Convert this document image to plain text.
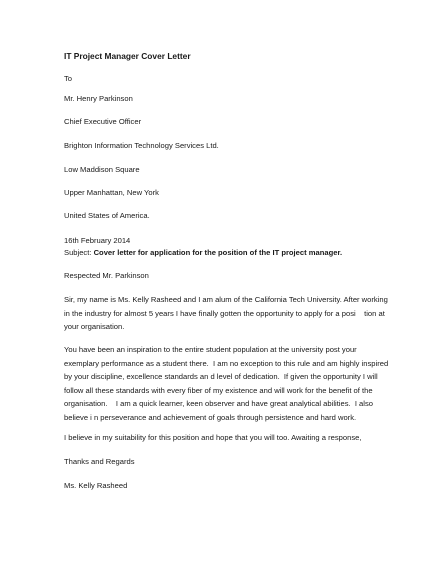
IT Project Manager Cover Letter
To
Mr. Henry Parkinson
Chief Executive Officer
Brighton Information Technology Services Ltd.
Low Maddison Square
Upper Manhattan, New York
United States of America.
16th February 2014
Subject: Cover letter for application for the position of the IT project manager.
Respected Mr. Parkinson
Sir, my name is Ms. Kelly Rasheed and I am alum of the California Tech University. After working
in the industry for almost 5 years I have finally gotten the opportunity to apply for a posi    tion at
your organisation.
You have been an inspiration to the entire student population at the university post your
exemplary performance as a student there.  I am no exception to this rule and am highly inspired
by your discipline, excellence standards an d level of dedication.  If given the opportunity I will
follow all these standards with every fiber of my existence and will work for the benefit of the
organisation.    I am a quick learner, keen observer and have great analytical abilities.  I also
believe i n perseverance and achievement of goals through persistence and hard work.
I believe in my suitability for this position and hope that you will too. Awaiting a response,
Thanks and Regards
Ms. Kelly Rasheed
